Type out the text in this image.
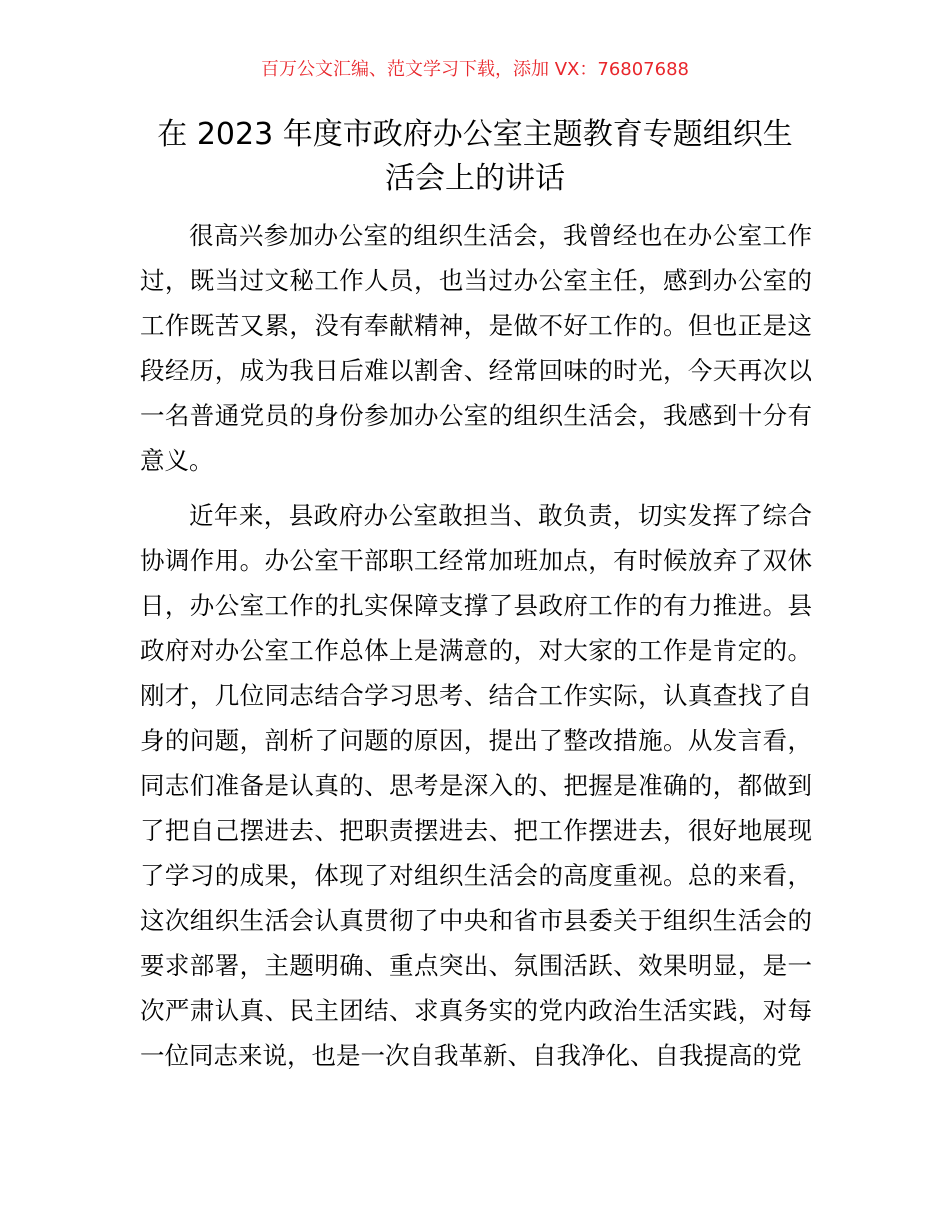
百万公文汇编、范文学习下载，添加 VX：76807688

在 2023 年度市政府办公室主题教育专题组织生
活会上的讲话

很高兴参加办公室的组织生活会，我曾经也在办公室工作过，既当过文秘工作人员，也当过办公室主任，感到办公室的工作既苦又累，没有奉献精神，是做不好工作的。但也正是这段经历，成为我日后难以割舍、经常回味的时光，今天再次以一名普通党员的身份参加办公室的组织生活会，我感到十分有意义。

近年来，县政府办公室敢担当、敢负责，切实发挥了综合协调作用。办公室干部职工经常加班加点，有时候放弃了双休日，办公室工作的扎实保障支撑了县政府工作的有力推进。县政府对办公室工作总体上是满意的，对大家的工作是肯定的。刚才，几位同志结合学习思考、结合工作实际，认真查找了自身的问题，剖析了问题的原因，提出了整改措施。从发言看，同志们准备是认真的、思考是深入的、把握是准确的，都做到了把自己摆进去、把职责摆进去、把工作摆进去，很好地展现了学习的成果，体现了对组织生活会的高度重视。总的来看，这次组织生活会认真贯彻了中央和省市县委关于组织生活会的要求部署，主题明确、重点突出、氛围活跃、效果明显，是一次严肃认真、民主团结、求真务实的党内政治生活实践，对每一位同志来说，也是一次自我革新、自我净化、自我提高的党
